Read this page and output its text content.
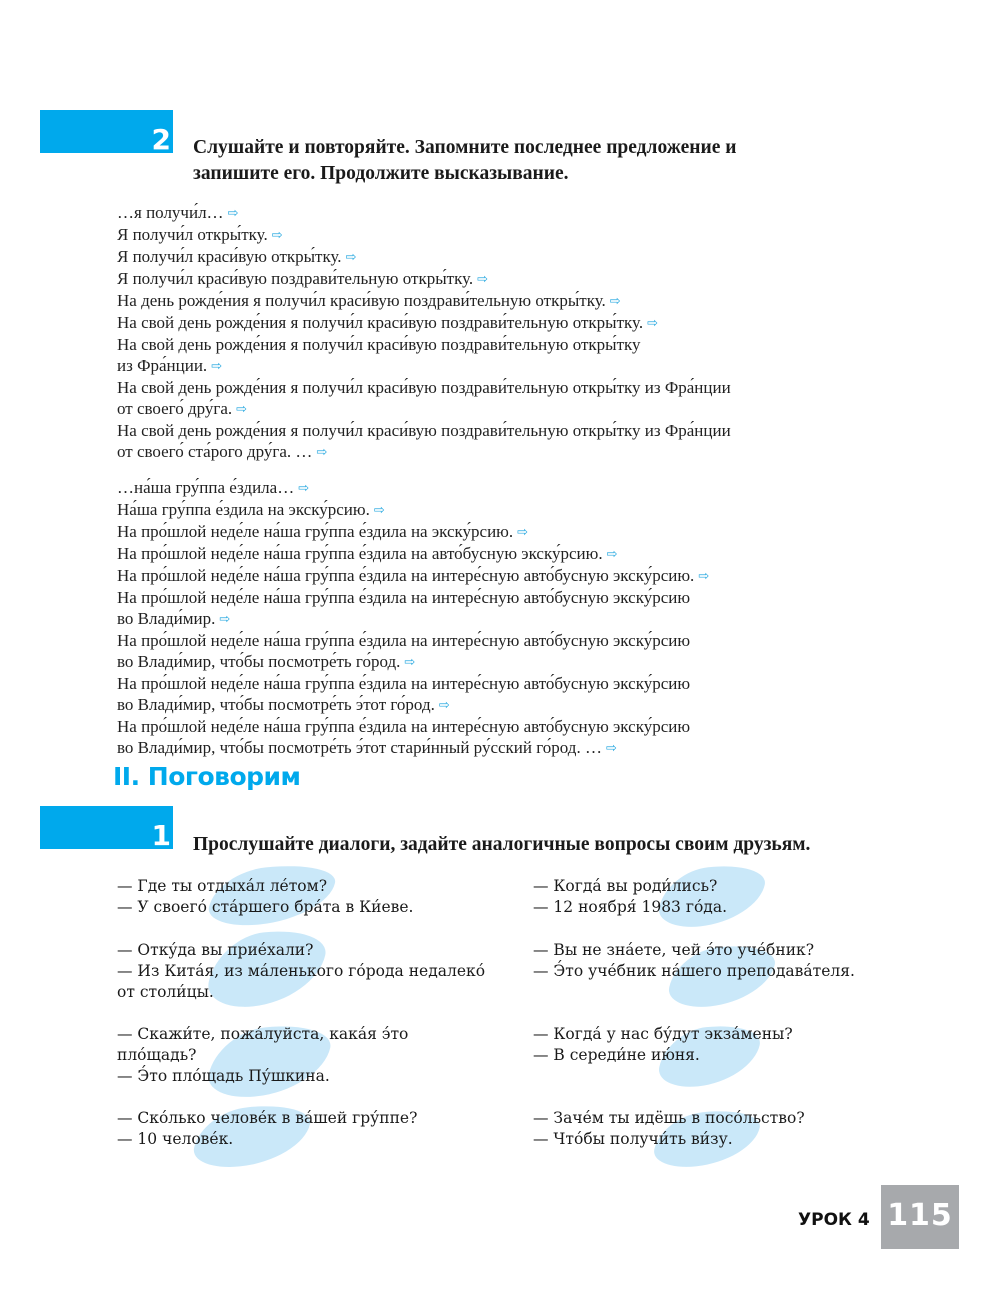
2 Слушайте и повторяйте. Запомните последнее предложение и
запишите его. Продолжите высказывание.
…я получи́л… ⇨
Я получи́л откры́тку. ⇨
Я получи́л краси́вую откры́тку. ⇨
Я получи́л краси́вую поздрави́тельную откры́тку. ⇨
На день рожде́ния я получи́л краси́вую поздрави́тельную откры́тку. ⇨
На свой день рожде́ния я получи́л краси́вую поздрави́тельную откры́тку. ⇨
На свой день рожде́ния я получи́л краси́вую поздрави́тельную откры́тку
из Фра́нции. ⇨
На свой день рожде́ния я получи́л краси́вую поздрави́тельную откры́тку из Фра́нции
от своего́ дру́га. ⇨
На свой день рожде́ния я получи́л краси́вую поздрави́тельную откры́тку из Фра́нции
от своего́ ста́рого дру́га. … ⇨
…на́ша гру́ппа е́здила… ⇨
На́ша гру́ппа е́здила на экску́рсию. ⇨
На про́шлой неде́ле на́ша гру́ппа е́здила на экску́рсию. ⇨
На про́шлой неде́ле на́ша гру́ппа е́здила на авто́бусную экску́рсию. ⇨
На про́шлой неде́ле на́ша гру́ппа е́здила на интере́сную авто́бусную экску́рсию. ⇨
На про́шлой неде́ле на́ша гру́ппа е́здила на интере́сную авто́бусную экску́рсию
во Влади́мир. ⇨
На про́шлой неде́ле на́ша гру́ппа е́здила на интере́сную авто́бусную экску́рсию
во Влади́мир, что́бы посмотре́ть го́род. ⇨
На про́шлой неде́ле на́ша гру́ппа е́здила на интере́сную авто́бусную экску́рсию
во Влади́мир, что́бы посмотре́ть э́тот го́род. ⇨
На про́шлой неде́ле на́ша гру́ппа е́здила на интере́сную авто́бусную экску́рсию
во Влади́мир, что́бы посмотре́ть э́тот стари́нный ру́сский го́род. … ⇨
II. Поговорим
1 Прослушайте диалоги, задайте аналогичные вопросы своим друзьям.
— Где ты отдыха́л ле́том?
— У своего́ ста́ршего бра́та в Ки́еве.
— Отку́да вы прие́хали?
— Из Кита́я, из ма́ленького го́рода недалеко́
от столи́цы.
— Скажи́те, пожа́луйста, кака́я э́то
пло́щадь?
— Э́то пло́щадь Пу́шкина.
— Ско́лько челове́к в ва́шей гру́ппе?
— 10 челове́к.
— Когда́ вы роди́лись?
— 12 ноября́ 1983 го́да.
— Вы не зна́ете, чей э́то уче́бник?
— Э́то уче́бник на́шего преподава́теля.
— Когда́ у нас бу́дут экза́мены?
— В середи́не ию́ня.
— Заче́м ты идёшь в посо́льство?
— Что́бы получи́ть ви́зу.
УРОК 4 115
